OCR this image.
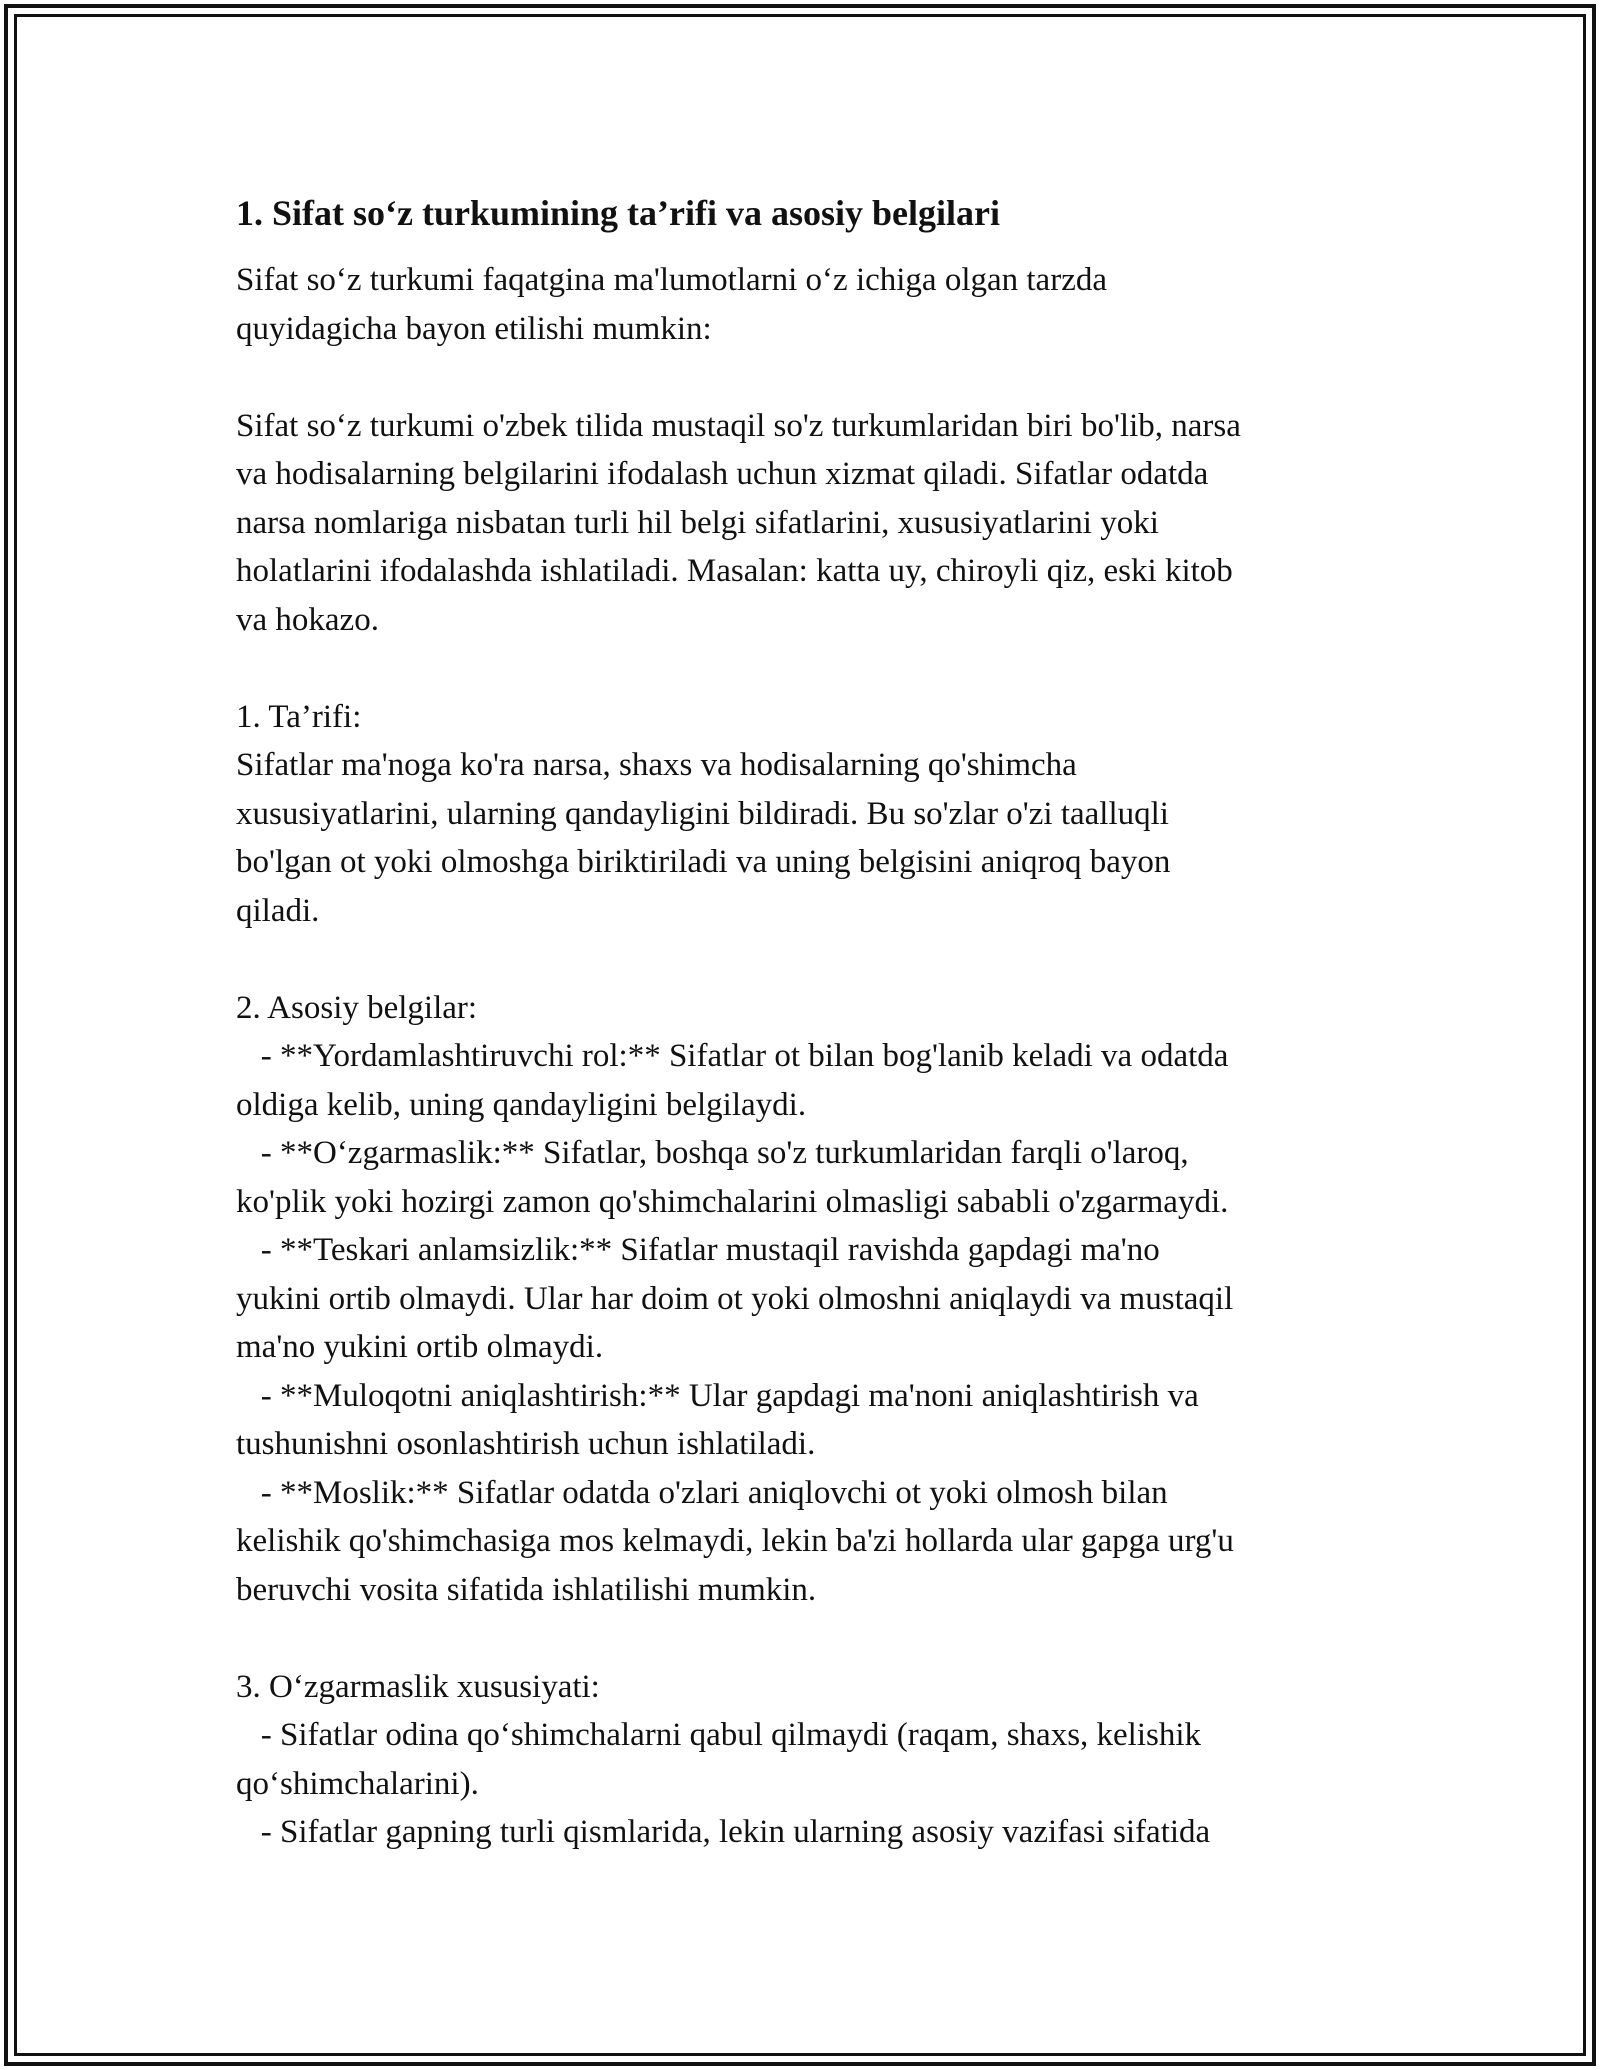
1. Sifat so‘z turkumining ta’rifi va asosiy belgilari
Sifat so‘z turkumi faqatgina ma'lumotlarni o‘z ichiga olgan tarzda
quyidagicha bayon etilishi mumkin:
Sifat so‘z turkumi o'zbek tilida mustaqil so'z turkumlaridan biri bo'lib, narsa
va hodisalarning belgilarini ifodalash uchun xizmat qiladi. Sifatlar odatda
narsa nomlariga nisbatan turli hil belgi sifatlarini, xususiyatlarini yoki
holatlarini ifodalashda ishlatiladi. Masalan: katta uy, chiroyli qiz, eski kitob
va hokazo.
1. Ta’rifi:
Sifatlar ma'noga ko'ra narsa, shaxs va hodisalarning qo'shimcha
xususiyatlarini, ularning qandayligini bildiradi. Bu so'zlar o'zi taalluqli
bo'lgan ot yoki olmoshga biriktiriladi va uning belgisini aniqroq bayon
qiladi.
2. Asosiy belgilar:
- **Yordamlashtiruvchi rol:** Sifatlar ot bilan bog'lanib keladi va odatda
oldiga kelib, uning qandayligini belgilaydi.
- **O‘zgarmaslik:** Sifatlar, boshqa so'z turkumlaridan farqli o'laroq,
ko'plik yoki hozirgi zamon qo'shimchalarini olmasligi sababli o'zgarmaydi.
- **Teskari anlamsizlik:** Sifatlar mustaqil ravishda gapdagi ma'no
yukini ortib olmaydi. Ular har doim ot yoki olmoshni aniqlaydi va mustaqil
ma'no yukini ortib olmaydi.
- **Muloqotni aniqlashtirish:** Ular gapdagi ma'noni aniqlashtirish va
tushunishni osonlashtirish uchun ishlatiladi.
- **Moslik:** Sifatlar odatda o'zlari aniqlovchi ot yoki olmosh bilan
kelishik qo'shimchasiga mos kelmaydi, lekin ba'zi hollarda ular gapga urg'u
beruvchi vosita sifatida ishlatilishi mumkin.
3. O‘zgarmaslik xususiyati:
- Sifatlar odina qo‘shimchalarni qabul qilmaydi (raqam, shaxs, kelishik
qo‘shimchalarini).
- Sifatlar gapning turli qismlarida, lekin ularning asosiy vazifasi sifatida
